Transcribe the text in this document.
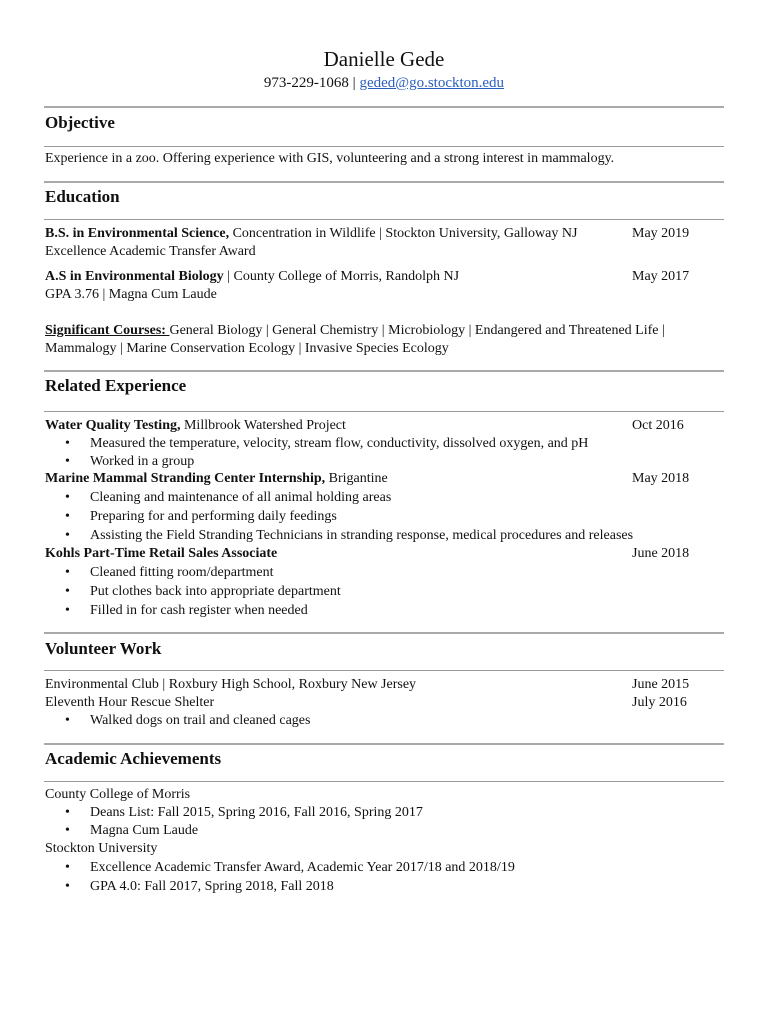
Danielle Gede
973-229-1068 | geded@go.stockton.edu
Objective
Experience in a zoo. Offering experience with GIS, volunteering and a strong interest in mammalogy.
Education
B.S. in Environmental Science, Concentration in Wildlife | Stockton University, Galloway NJ	May 2019
Excellence Academic Transfer Award
A.S in Environmental Biology | County College of Morris, Randolph NJ	May 2017
GPA 3.76 | Magna Cum Laude
Significant Courses: General Biology | General Chemistry | Microbiology | Endangered and Threatened Life |
Mammalogy | Marine Conservation Ecology | Invasive Species Ecology
Related Experience
Water Quality Testing, Millbrook Watershed Project	Oct 2016
• Measured the temperature, velocity, stream flow, conductivity, dissolved oxygen, and pH
• Worked in a group
Marine Mammal Stranding Center Internship, Brigantine	May 2018
• Cleaning and maintenance of all animal holding areas
• Preparing for and performing daily feedings
• Assisting the Field Stranding Technicians in stranding response, medical procedures and releases
Kohls Part-Time Retail Sales Associate	June 2018
• Cleaned fitting room/department
• Put clothes back into appropriate department
• Filled in for cash register when needed
Volunteer Work
Environmental Club | Roxbury High School, Roxbury New Jersey	June 2015
Eleventh Hour Rescue Shelter	July 2016
• Walked dogs on trail and cleaned cages
Academic Achievements
County College of Morris
• Deans List: Fall 2015, Spring 2016, Fall 2016, Spring 2017
• Magna Cum Laude
Stockton University
• Excellence Academic Transfer Award, Academic Year 2017/18 and 2018/19
• GPA 4.0: Fall 2017, Spring 2018, Fall 2018
